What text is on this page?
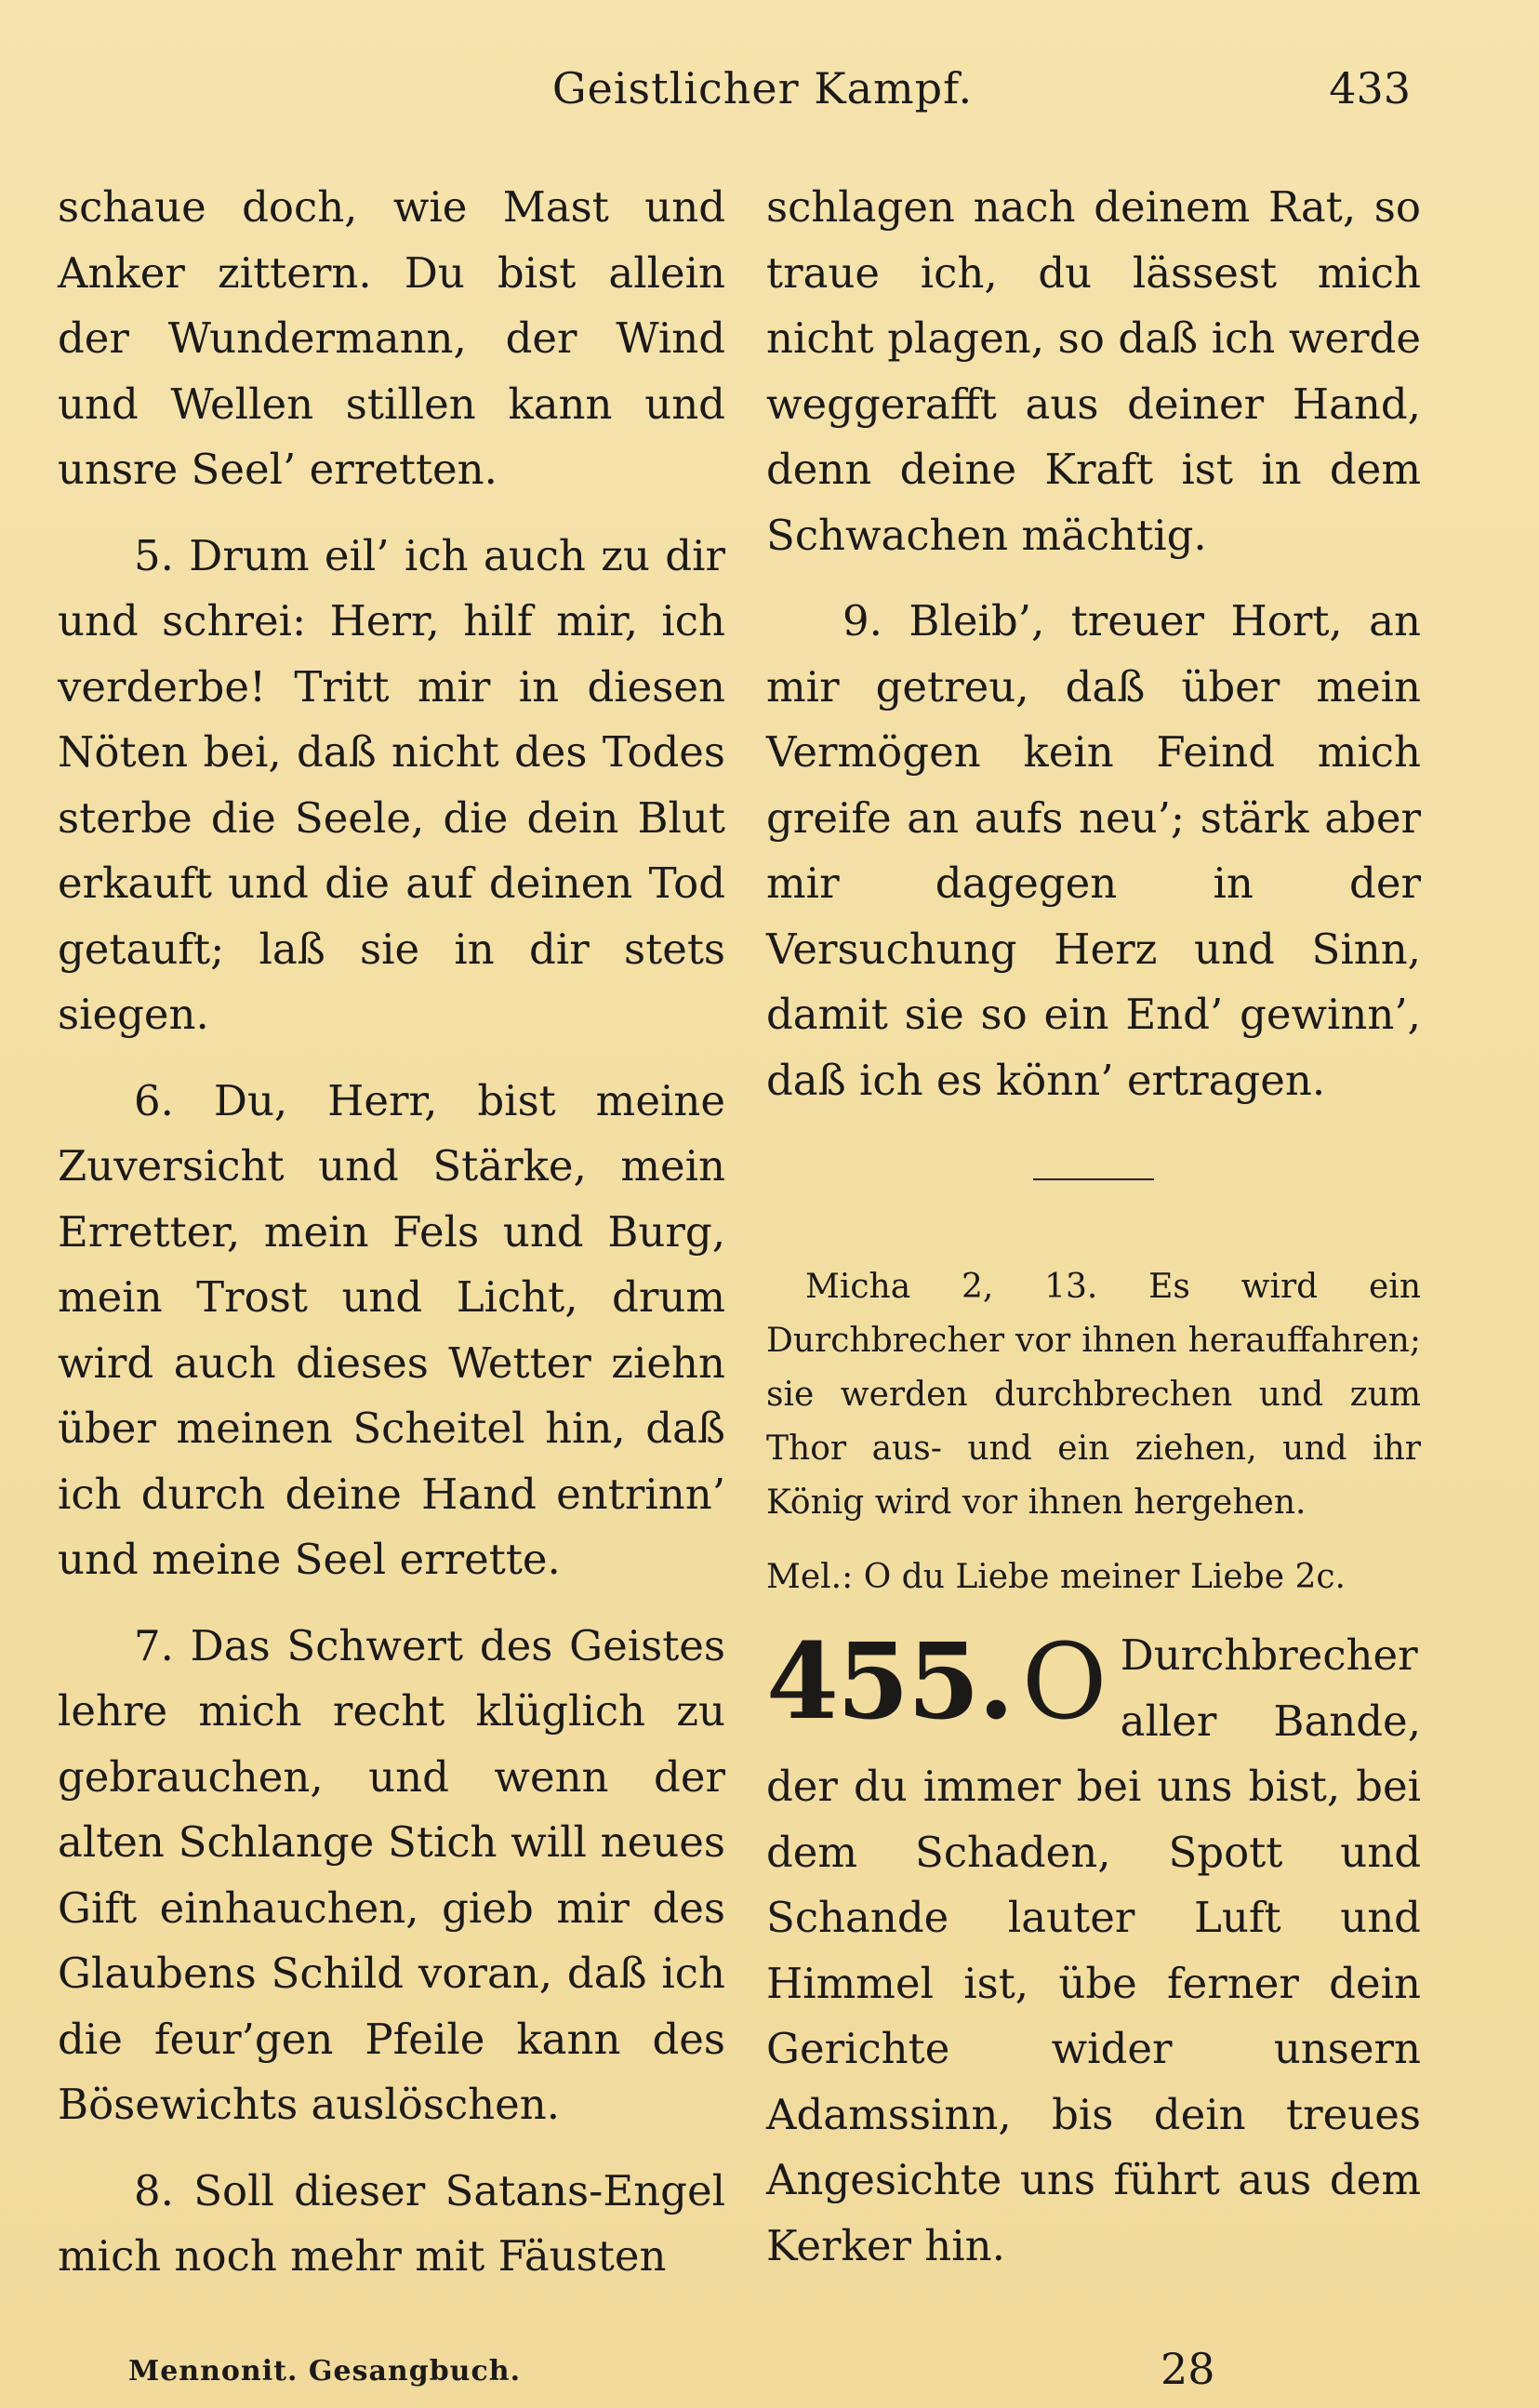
Geistlicher Kampf.	433

schaue doch, wie Mast und Anker zittern. Du bist allein der Wundermann, der Wind und Wellen stillen kann und unsre Seel’ erretten.

5. Drum eil’ ich auch zu dir und schrei: Herr, hilf mir, ich verderbe! Tritt mir in diesen Nöten bei, daß nicht des Todes sterbe die Seele, die dein Blut erkauft und die auf deinen Tod getauft; laß sie in dir stets siegen.

6. Du, Herr, bist meine Zuversicht und Stärke, mein Erretter, mein Fels und Burg, mein Trost und Licht, drum wird auch dieses Wetter ziehn über meinen Scheitel hin, daß ich durch deine Hand entrinn’ und meine Seel errette.

7. Das Schwert des Geistes lehre mich recht klüglich zu gebrauchen, und wenn der alten Schlange Stich will neues Gift einhauchen, gieb mir des Glaubens Schild voran, daß ich die feur’gen Pfeile kann des Bösewichts auslöschen.

8. Soll dieser Satans-Engel mich noch mehr mit Fäusten

schlagen nach deinem Rat, so traue ich, du lässest mich nicht plagen, so daß ich werde weggerafft aus deiner Hand, denn deine Kraft ist in dem Schwachen mächtig.

9. Bleib’, treuer Hort, an mir getreu, daß über mein Vermögen kein Feind mich greife an aufs neu’; stärk aber mir dagegen in der Versuchung Herz und Sinn, damit sie so ein End’ gewinn’, daß ich es könn’ ertragen.

Micha 2, 13. Es wird ein Durchbrecher vor ihnen herauffahren; sie werden durchbrechen und zum Thor aus- und ein ziehen, und ihr König wird vor ihnen hergehen.

Mel.: O du Liebe meiner Liebe 2c.

455. O Durchbrecher aller Bande, der du immer bei uns bist, bei dem Schaden, Spott und Schande lauter Luft und Himmel ist, übe ferner dein Gerichte wider unsern Adamssinn, bis dein treues Angesichte uns führt aus dem Kerker hin.
Mennonit. Gesangbuch.	28
